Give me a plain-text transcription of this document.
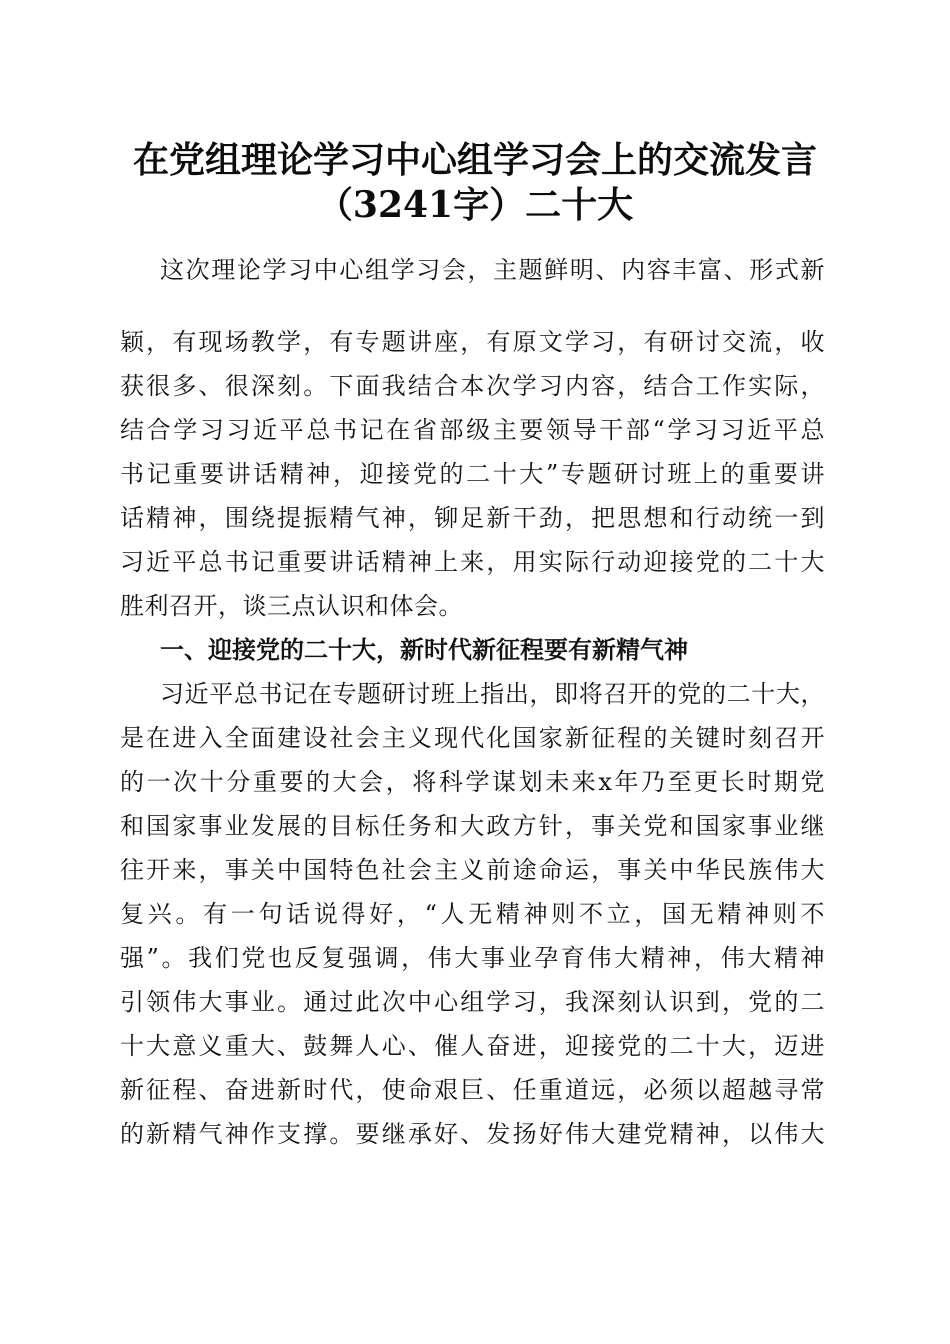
在党组理论学习中心组学习会上的交流发言
（3241字）二十大
这次理论学习中心组学习会，主题鲜明、内容丰富、形式新
颖，有现场教学，有专题讲座，有原文学习，有研讨交流，收
获很多、很深刻。下面我结合本次学习内容，结合工作实际，
结合学习习近平总书记在省部级主要领导干部“学习习近平总
书记重要讲话精神，迎接党的二十大”专题研讨班上的重要讲
话精神，围绕提振精气神，铆足新干劲，把思想和行动统一到
习近平总书记重要讲话精神上来，用实际行动迎接党的二十大
胜利召开，谈三点认识和体会。
一、迎接党的二十大，新时代新征程要有新精气神
习近平总书记在专题研讨班上指出，即将召开的党的二十大，
是在进入全面建设社会主义现代化国家新征程的关键时刻召开
的一次十分重要的大会，将科学谋划未来x年乃至更长时期党
和国家事业发展的目标任务和大政方针，事关党和国家事业继
往开来，事关中国特色社会主义前途命运，事关中华民族伟大
复兴。有一句话说得好，“人无精神则不立，国无精神则不
强”。我们党也反复强调，伟大事业孕育伟大精神，伟大精神
引领伟大事业。通过此次中心组学习，我深刻认识到，党的二
十大意义重大、鼓舞人心、催人奋进，迎接党的二十大，迈进
新征程、奋进新时代，使命艰巨、任重道远，必须以超越寻常
的新精气神作支撑。要继承好、发扬好伟大建党精神，以伟大
